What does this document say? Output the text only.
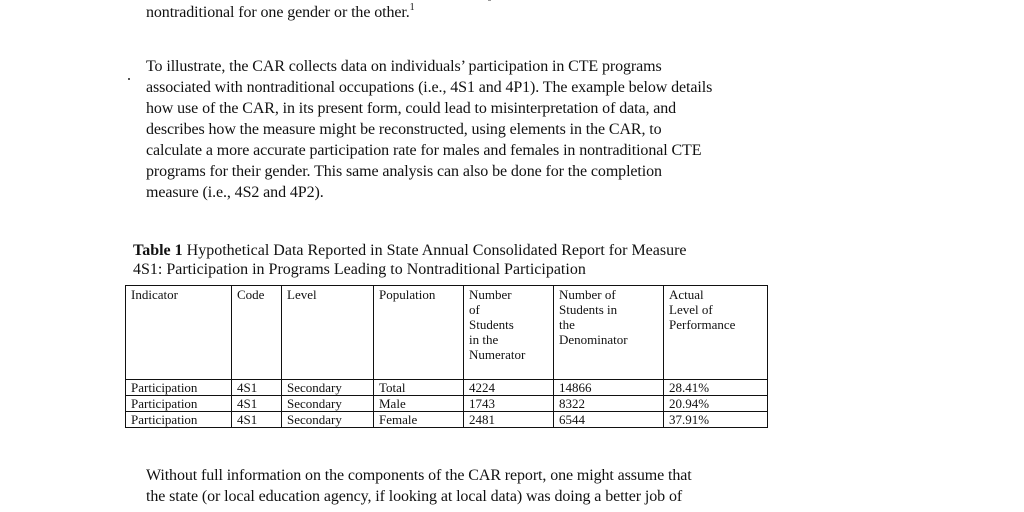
nontraditional for one gender or the other.$^1$
To illustrate, the CAR collects data on individuals’ participation in CTE programs
associated with nontraditional occupations (i.e., 4S1 and 4P1). The example below details
how use of the CAR, in its present form, could lead to misinterpretation of data, and
describes how the measure might be reconstructed, using elements in the CAR, to
calculate a more accurate participation rate for males and females in nontraditional CTE
programs for their gender. This same analysis can also be done for the completion
measure (i.e., 4S2 and 4P2).
Table 1 Hypothetical Data Reported in State Annual Consolidated Report for Measure
4S1: Participation in Programs Leading to Nontraditional Participation
Indicator	Code	Level	Population	Number
of
Students
in the
Numerator	Number of
Students in
the
Denominator	Actual
Level of
Performance
Participation	4S1	Secondary	Total	4224	14866	28.41%
Participation	4S1	Secondary	Male	1743	8322	20.94%
Participation	4S1	Secondary	Female	2481	6544	37.91%
Without full information on the components of the CAR report, one might assume that
the state (or local education agency, if looking at local data) was doing a better job of
